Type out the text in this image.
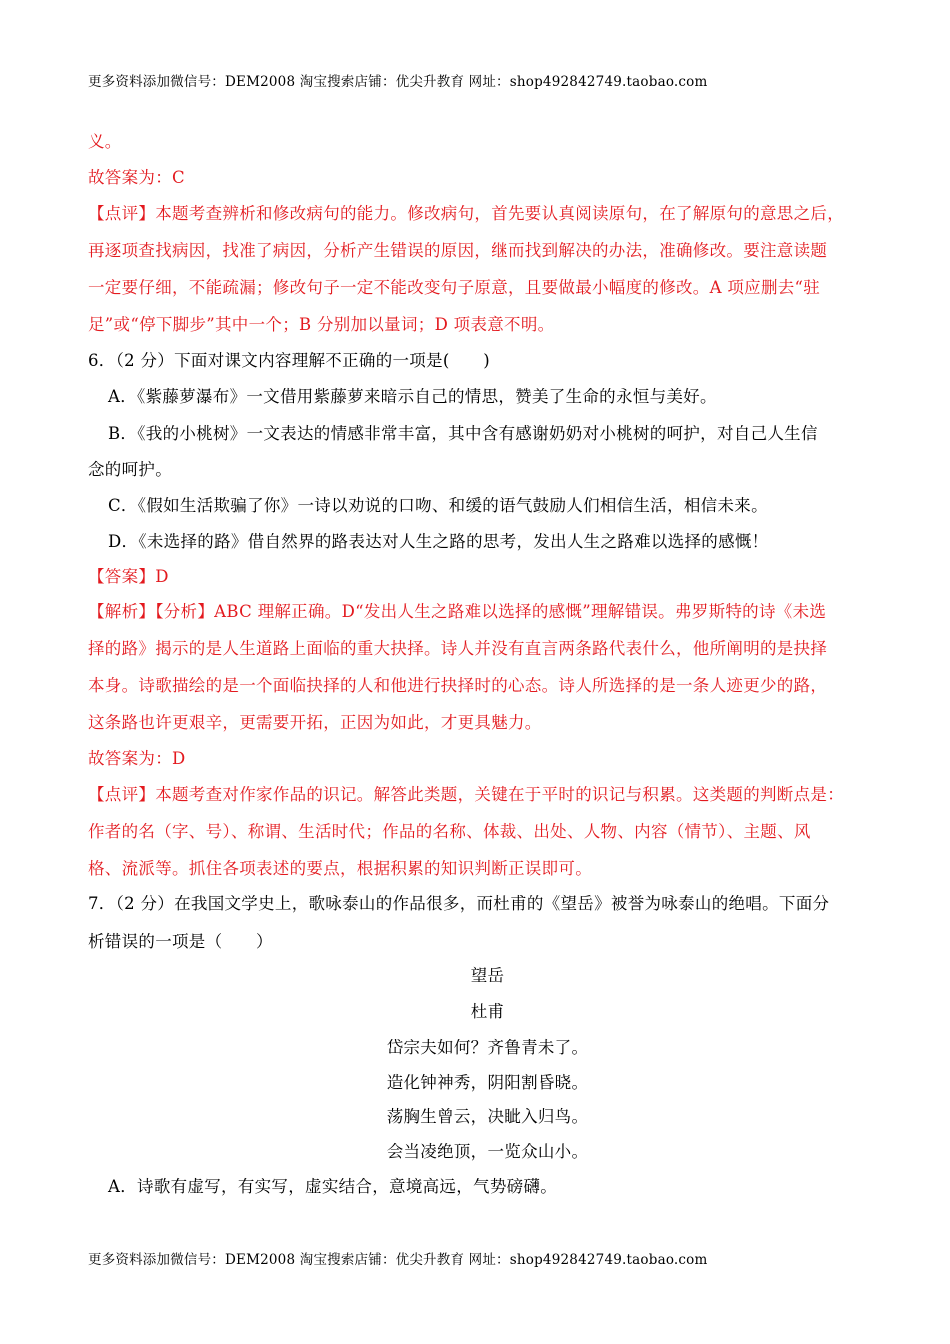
更多资料添加微信号：DEM2008 淘宝搜索店铺：优尖升教育 网址：shop492842749.taobao.com
义。
故答案为：C
【点评】本题考查辨析和修改病句的能力。修改病句，首先要认真阅读原句，在了解原句的意思之后，
再逐项查找病因，找准了病因，分析产生错误的原因，继而找到解决的办法，准确修改。要注意读题
一定要仔细，不能疏漏；修改句子一定不能改变句子原意，且要做最小幅度的修改。A 项应删去“驻
足”或“停下脚步”其中一个；B 分别加以量词；D 项表意不明。
6．（2 分）下面对课文内容理解不正确的一项是(　　)
A．《紫藤萝瀑布》一文借用紫藤萝来暗示自己的情思，赞美了生命的永恒与美好。
B．《我的小桃树》一文表达的情感非常丰富，其中含有感谢奶奶对小桃树的呵护，对自己人生信
念的呵护。
C．《假如生活欺骗了你》一诗以劝说的口吻、和缓的语气鼓励人们相信生活，相信未来。
D．《未选择的路》借自然界的路表达对人生之路的思考，发出人生之路难以选择的感慨！
【答案】D
【解析】【分析】ABC 理解正确。D“发出人生之路难以选择的感慨”理解错误。弗罗斯特的诗《未选
择的路》揭示的是人生道路上面临的重大抉择。诗人并没有直言两条路代表什么，他所阐明的是抉择
本身。诗歌描绘的是一个面临抉择的人和他进行抉择时的心态。诗人所选择的是一条人迹更少的路，
这条路也许更艰辛，更需要开拓，正因为如此，才更具魅力。
故答案为：D
【点评】本题考查对作家作品的识记。解答此类题，关键在于平时的识记与积累。这类题的判断点是：
作者的名（字、号）、称谓、生活时代；作品的名称、体裁、出处、人物、内容（情节）、主题、风
格、流派等。抓住各项表述的要点，根据积累的知识判断正误即可。
7．（2 分）在我国文学史上，歌咏泰山的作品很多，而杜甫的《望岳》被誉为咏泰山的绝唱。下面分
析错误的一项是（　　）
望岳
杜甫
岱宗夫如何？齐鲁青未了。
造化钟神秀，阴阳割昏晓。
荡胸生曾云，决眦入归鸟。
会当凌绝顶，一览众山小。
A．诗歌有虚写，有实写，虚实结合，意境高远，气势磅礴。
更多资料添加微信号：DEM2008 淘宝搜索店铺：优尖升教育 网址：shop492842749.taobao.com
